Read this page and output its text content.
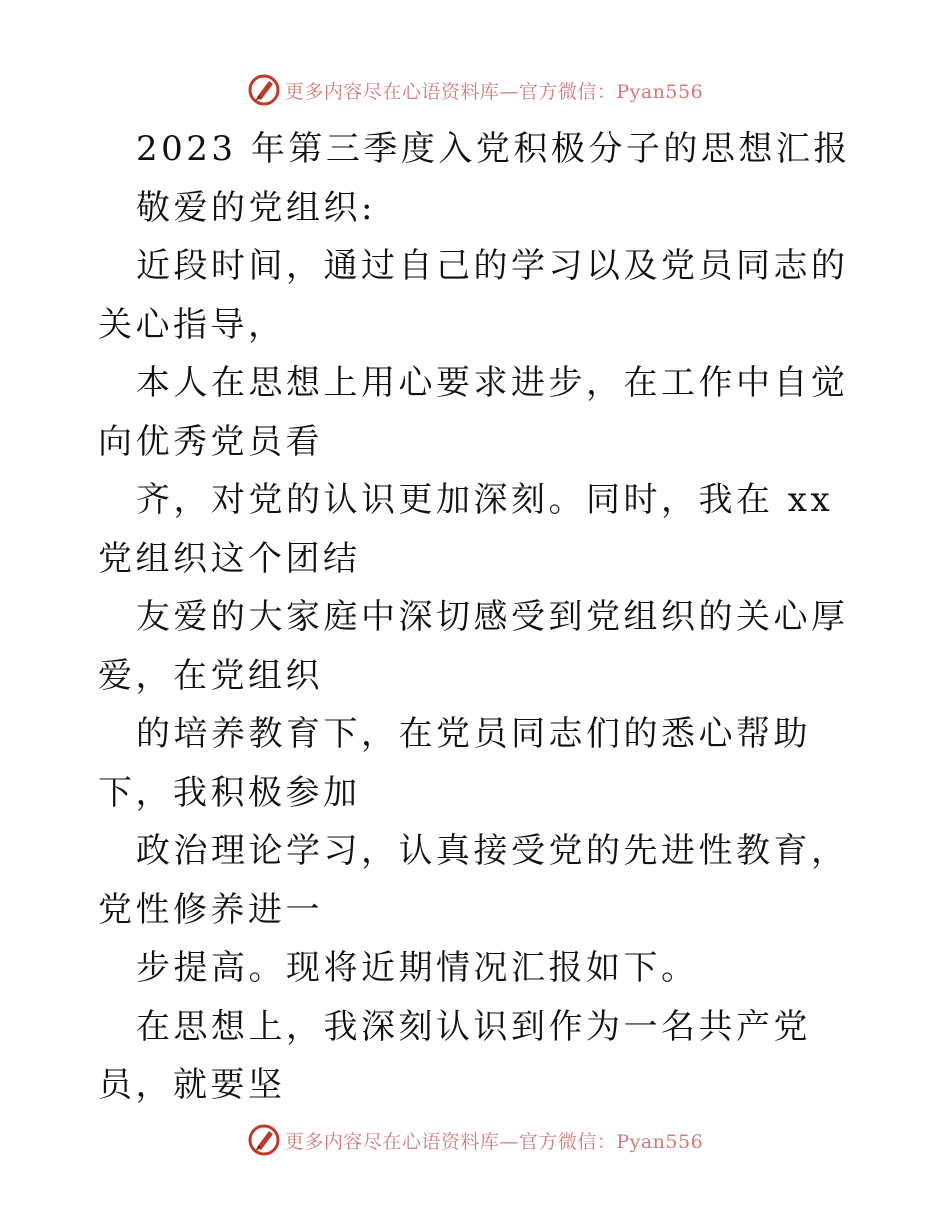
更多内容尽在心语资料库—官方微信：Pyan556

2023 年第三季度入党积极分子的思想汇报

敬爱的党组织:

近段时间，通过自己的学习以及党员同志的关心指导，

本人在思想上用心要求进步，在工作中自觉向优秀党员看

齐，对党的认识更加深刻。同时，我在 xx 党组织这个团结

友爱的大家庭中深切感受到党组织的关心厚爱，在党组织

的培养教育下，在党员同志们的悉心帮助下，我积极参加

政治理论学习，认真接受党的先进性教育，党性修养进一

步提高。现将近期情况汇报如下。

在思想上，我深刻认识到作为一名共产党员，就要坚

更多内容尽在心语资料库—官方微信：Pyan556
